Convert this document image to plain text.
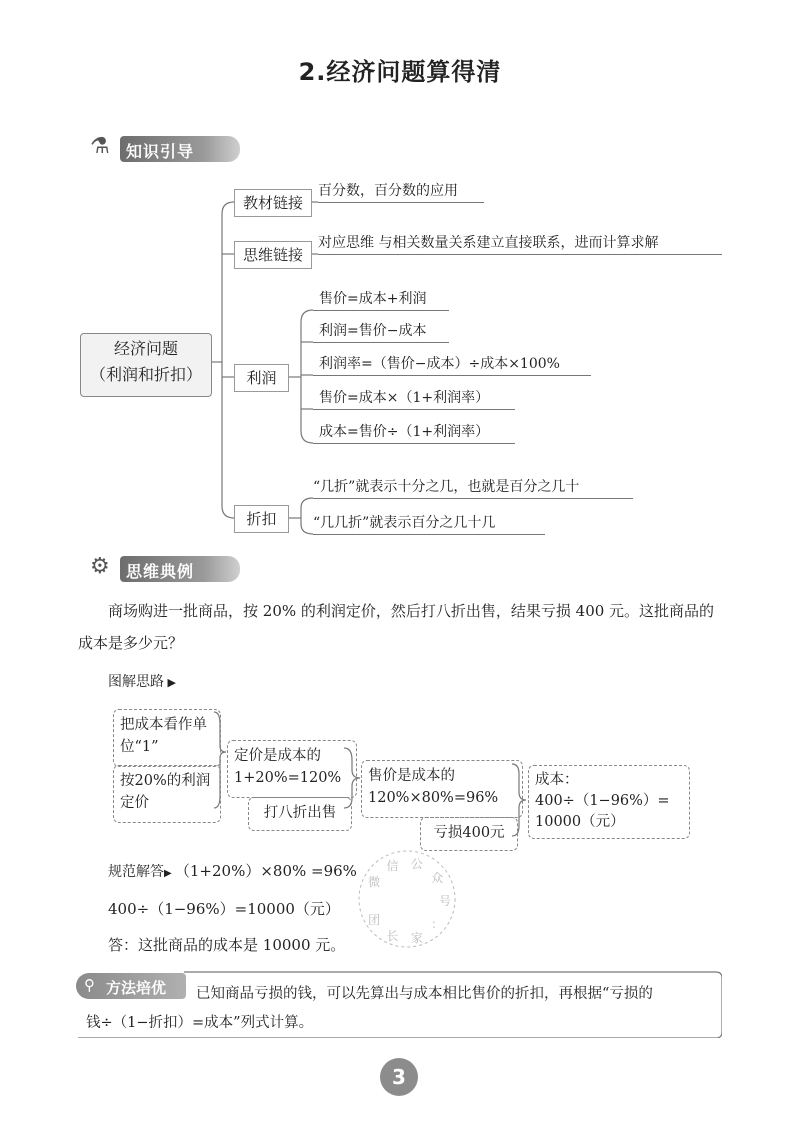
2.经济问题算得清
⚗ 知识引导
经济问题
（利润和折扣）
教材链接
思维链接
利润
折扣
百分数，百分数的应用
对应思维 与相关数量关系建立直接联系，进而计算求解
售价=成本+利润
利润=售价−成本
利润率=（售价−成本）÷成本×100%
售价=成本×（1+利润率）
成本=售价÷（1+利润率）
“几折”就表示十分之几，也就是百分之几十
“几几折”就表示百分之几十几
⚙ 思维典例
商场购进一批商品，按 20% 的利润定价，然后打八折出售，结果亏损 400 元。这批商品的
成本是多少元？
图解思路 ▶
把成本看作单位“1”
按20%的利润定价
定价是成本的1+20%=120%
打八折出售
售价是成本的120%×80%=96%
亏损400元
成本：
400÷（1−96%）=
10000（元）
规范解答▶ （1+20%）×80% =96%
400÷（1−96%）=10000（元）
答：这批商品的成本是 10000 元。
微
信 公
众
号
：
家
长
团
⚲ 方法培优 已知商品亏损的钱，可以先算出与成本相比售价的折扣，再根据“亏损的
钱÷（1−折扣）=成本”列式计算。
3
